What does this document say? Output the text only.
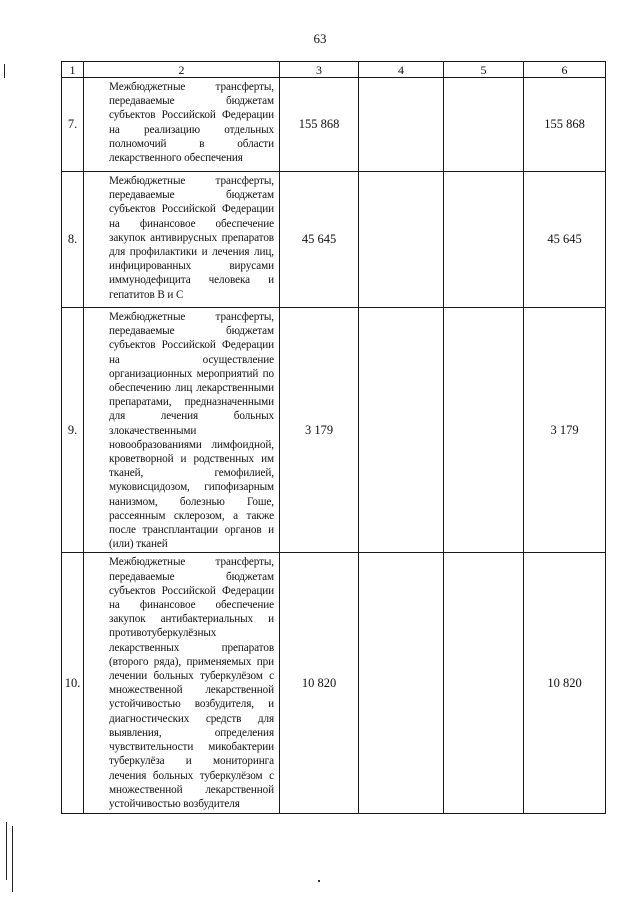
63
1	2	3	4	5	6
7.	Межбюджетные трансферты, передаваемые бюджетам субъектов Российской Федерации на реализацию отдельных полномочий в области лекарственного обеспечения	155 868			155 868
8.	Межбюджетные трансферты, передаваемые бюджетам субъектов Российской Федерации на финансовое обеспечение закупок антивирусных препаратов для профилактики и лечения лиц, инфицированных вирусами иммунодефицита человека и гепатитов В и С	45 645			45 645
9.	Межбюджетные трансферты, передаваемые бюджетам субъектов Российской Федерации на осуществление организационных мероприятий по обеспечению лиц лекарственными препаратами, предназначенными для лечения больных злокачественными новообразованиями лимфоидной, кроветворной и родственных им тканей, гемофилией, муковисцидозом, гипофизарным нанизмом, болезнью Гоше, рассеянным склерозом, а также после трансплантации органов и (или) тканей	3 179			3 179
10.	Межбюджетные трансферты, передаваемые бюджетам субъектов Российской Федерации на финансовое обеспечение закупок антибактериальных и противотуберкулёзных лекарственных препаратов (второго ряда), применяемых при лечении больных туберкулёзом с множественной лекарственной устойчивостью возбудителя, и диагностических средств для выявления, определения чувствительности микобактерии туберкулёза и мониторинга лечения больных туберкулёзом с множественной лекарственной устойчивостью возбудителя	10 820			10 820
